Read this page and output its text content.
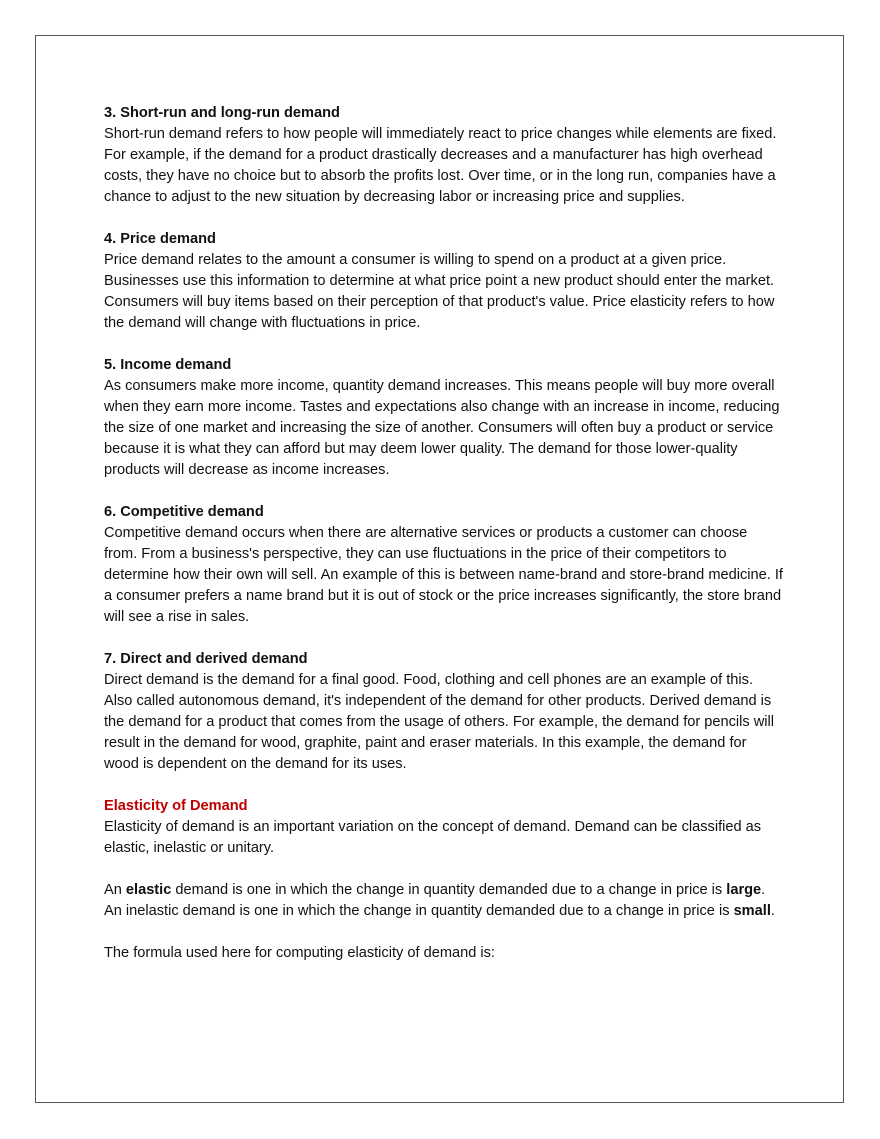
3. Short-run and long-run demand

Short-run demand refers to how people will immediately react to price changes while elements are fixed. For example, if the demand for a product drastically decreases and a manufacturer has high overhead costs, they have no choice but to absorb the profits lost. Over time, or in the long run, companies have a chance to adjust to the new situation by decreasing labor or increasing price and supplies.

4. Price demand

Price demand relates to the amount a consumer is willing to spend on a product at a given price. Businesses use this information to determine at what price point a new product should enter the market. Consumers will buy items based on their perception of that product's value. Price elasticity refers to how the demand will change with fluctuations in price.

5. Income demand

As consumers make more income, quantity demand increases. This means people will buy more overall when they earn more income. Tastes and expectations also change with an increase in income, reducing the size of one market and increasing the size of another. Consumers will often buy a product or service because it is what they can afford but may deem lower quality. The demand for those lower-quality products will decrease as income increases.

6. Competitive demand

Competitive demand occurs when there are alternative services or products a customer can choose from. From a business's perspective, they can use fluctuations in the price of their competitors to determine how their own will sell. An example of this is between name-brand and store-brand medicine. If a consumer prefers a name brand but it is out of stock or the price increases significantly, the store brand will see a rise in sales.

7. Direct and derived demand

Direct demand is the demand for a final good. Food, clothing and cell phones are an example of this. Also called autonomous demand, it's independent of the demand for other products. Derived demand is the demand for a product that comes from the usage of others. For example, the demand for pencils will result in the demand for wood, graphite, paint and eraser materials. In this example, the demand for wood is dependent on the demand for its uses.

Elasticity of Demand

Elasticity of demand is an important variation on the concept of demand. Demand can be classified as elastic, inelastic or unitary.

An elastic demand is one in which the change in quantity demanded due to a change in price is large. An inelastic demand is one in which the change in quantity demanded due to a change in price is small.

The formula used here for computing elasticity of demand is:
